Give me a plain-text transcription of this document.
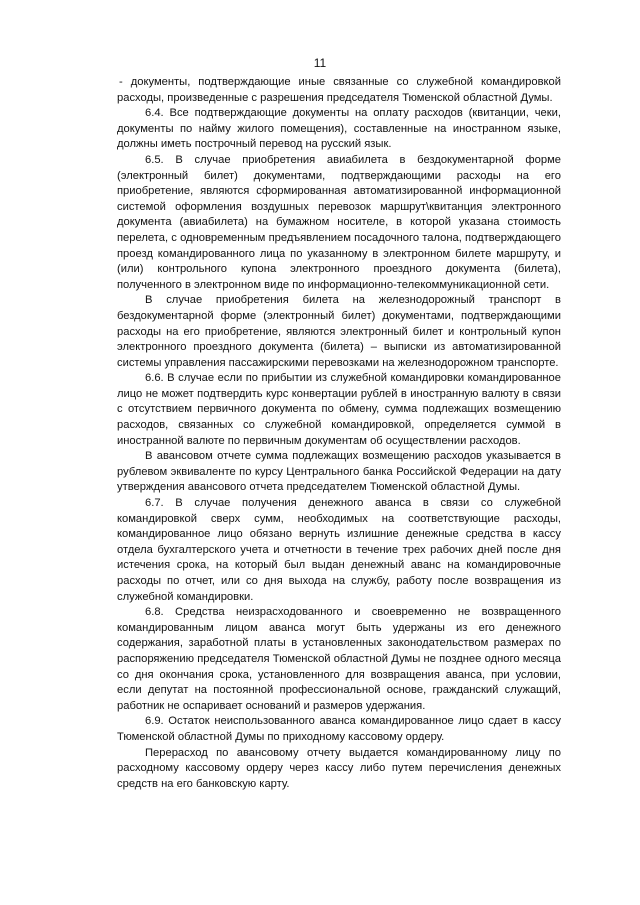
11

- документы, подтверждающие иные связанные со служебной командировкой расходы, произведенные с разрешения председателя Тюменской областной Думы.

6.4. Все подтверждающие документы на оплату расходов (квитанции, чеки, документы по найму жилого помещения), составленные на иностранном языке, должны иметь построчный перевод на русский язык.

6.5. В случае приобретения авиабилета в бездокументарной форме (электронный билет) документами, подтверждающими расходы на его приобретение, являются сформированная автоматизированной информационной системой оформления воздушных перевозок маршрут\квитанция электронного документа (авиабилета) на бумажном носителе, в которой указана стоимость перелета, с одновременным предъявлением посадочного талона, подтверждающего проезд командированного лица по указанному в электронном билете маршруту, и (или) контрольного купона электронного проездного документа (билета), полученного в электронном виде по информационно-телекоммуникационной сети.

В случае приобретения билета на железнодорожный транспорт в бездокументарной форме (электронный билет) документами, подтверждающими расходы на его приобретение, являются электронный билет и контрольный купон электронного проездного документа (билета) – выписки из автоматизированной системы управления пассажирскими перевозками на железнодорожном транспорте.

6.6. В случае если по прибытии из служебной командировки командированное лицо не может подтвердить курс конвертации рублей в иностранную валюту в связи с отсутствием первичного документа по обмену, сумма подлежащих возмещению расходов, связанных со служебной командировкой, определяется суммой в иностранной валюте по первичным документам об осуществлении расходов.

В авансовом отчете сумма подлежащих возмещению расходов указывается в рублевом эквиваленте по курсу Центрального банка Российской Федерации на дату утверждения авансового отчета председателем Тюменской областной Думы.

6.7. В случае получения денежного аванса в связи со служебной командировкой сверх сумм, необходимых на соответствующие расходы, командированное лицо обязано вернуть излишние денежные средства в кассу отдела бухгалтерского учета и отчетности в течение трех рабочих дней после дня истечения срока, на который был выдан денежный аванс на командировочные расходы по отчет, или со дня выхода на службу, работу после возвращения из служебной командировки.

6.8. Средства неизрасходованного и своевременно не возвращенного командированным лицом аванса могут быть удержаны из его денежного содержания, заработной платы в установленных законодательством размерах по распоряжению председателя Тюменской областной Думы не позднее одного месяца со дня окончания срока, установленного для возвращения аванса, при условии, если депутат на постоянной профессиональной основе, гражданский служащий, работник не оспаривает оснований и размеров удержания.

6.9. Остаток неиспользованного аванса командированное лицо сдает в кассу Тюменской областной Думы по приходному кассовому ордеру.

Перерасход по авансовому отчету выдается командированному лицу по расходному кассовому ордеру через кассу либо путем перечисления денежных средств на его банковскую карту.
